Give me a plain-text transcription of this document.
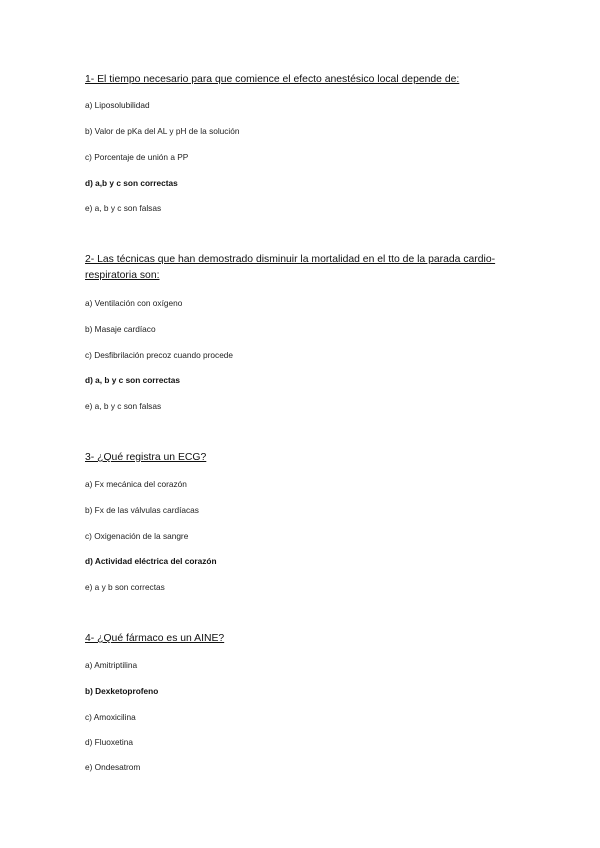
1- El tiempo necesario para que comience el efecto anestésico local depende de:
a) Liposolubilidad
b) Valor de pKa del AL y pH de la solución
c) Porcentaje de unión a PP
d) a,b y c son correctas
e) a, b y c son falsas
2- Las técnicas que han demostrado disminuir la mortalidad en el tto de la parada cardio-respiratoria son:
a) Ventilación con oxígeno
b) Masaje cardíaco
c) Desfibrilación precoz cuando procede
d) a, b y c son correctas
e) a, b y c son falsas
3- ¿Qué registra un ECG?
a) Fx mecánica del corazón
b) Fx de las válvulas cardíacas
c) Oxigenación de la sangre
d) Actividad eléctrica del corazón
e) a y b son correctas
4- ¿Qué fármaco es un AINE?
a) Amitriptilina
b) Dexketoprofeno
c) Amoxicilina
d) Fluoxetina
e) Ondesatrom
